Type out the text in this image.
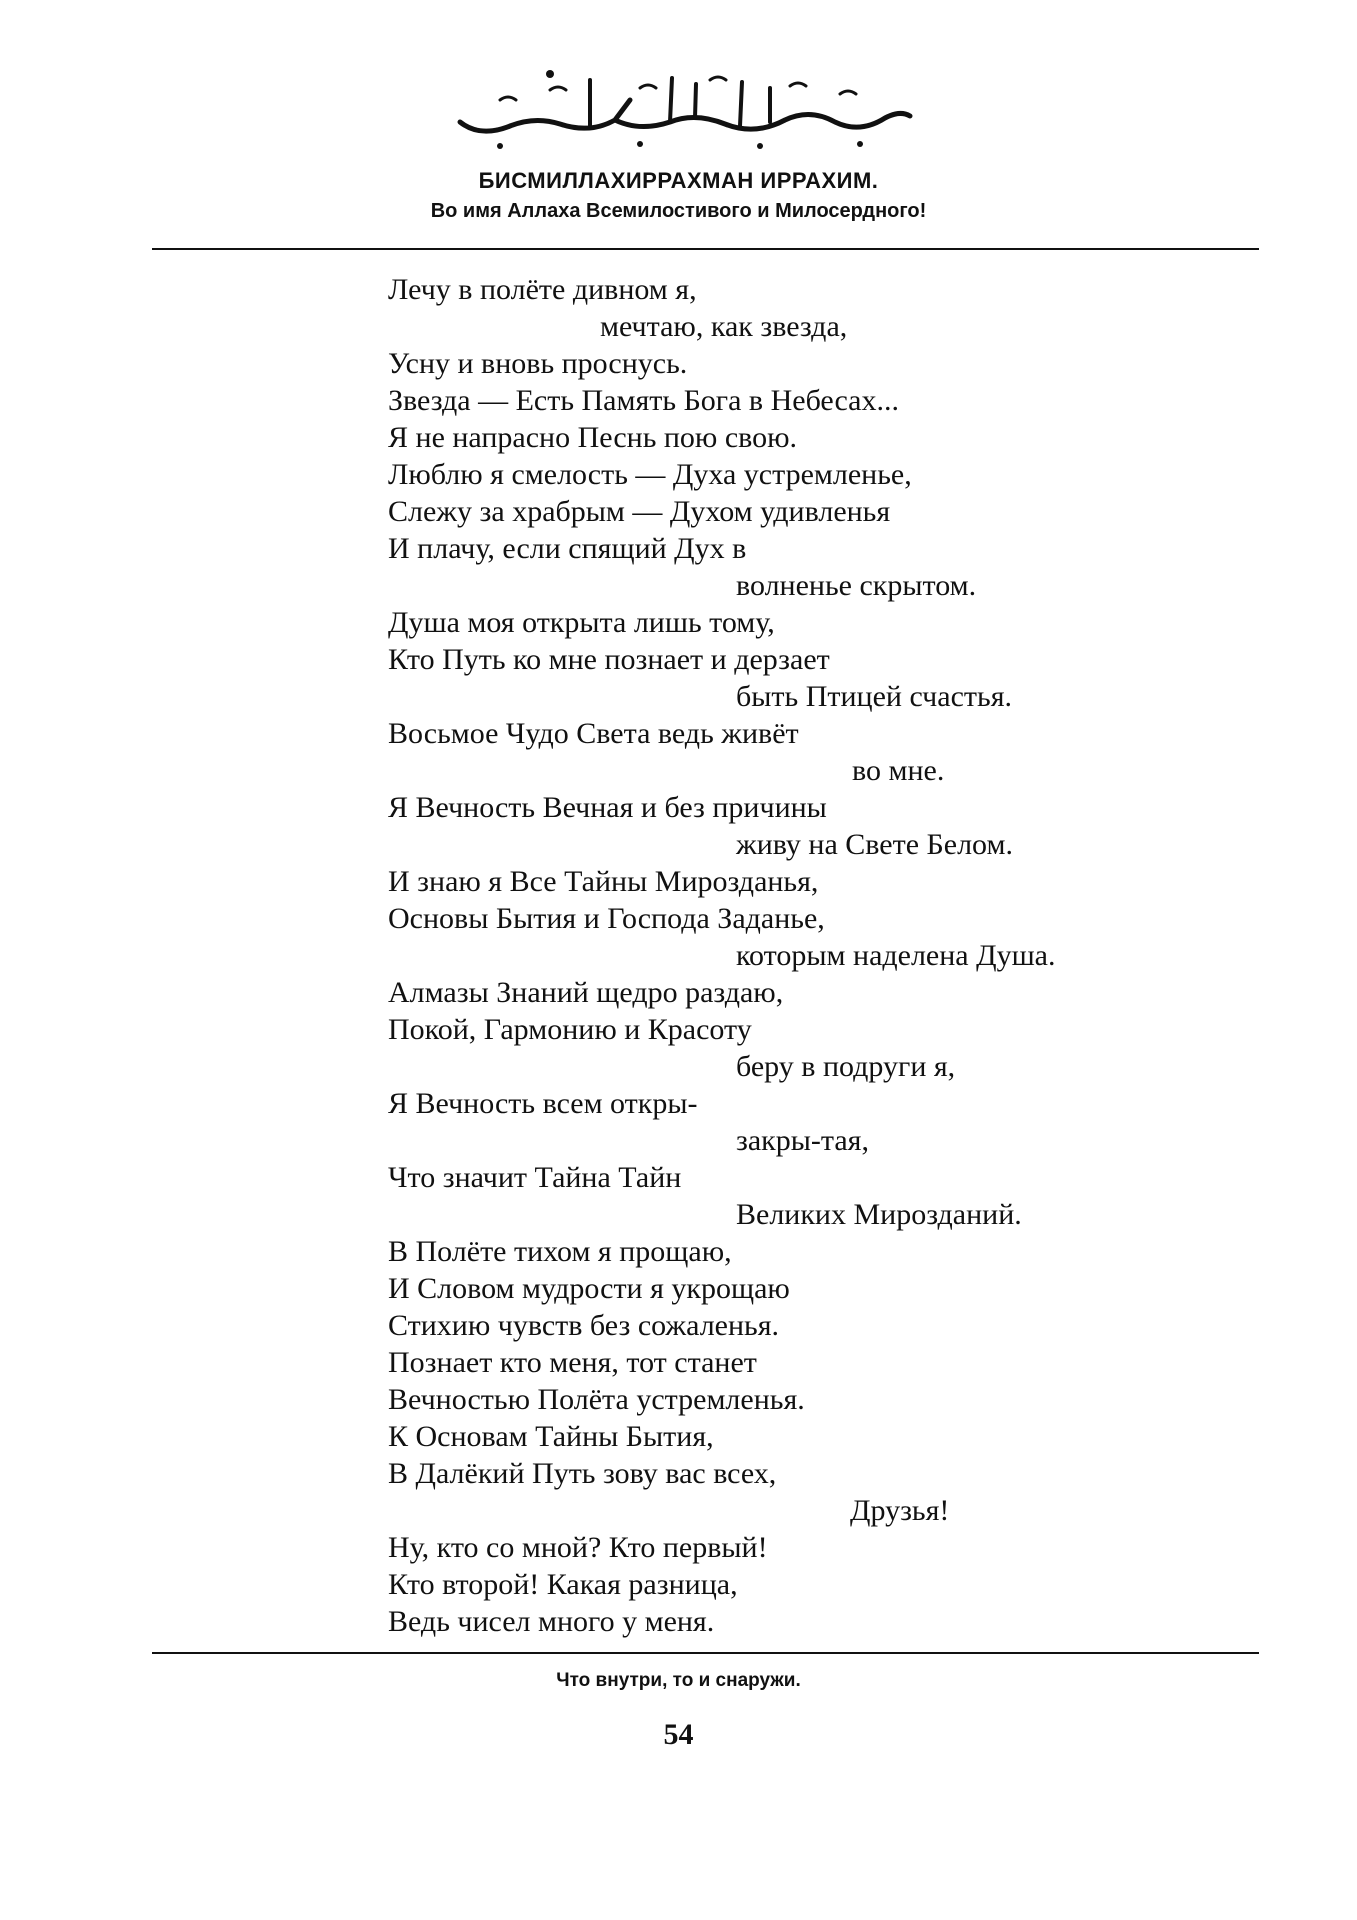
БИСМИЛЛАХИРРАХМАН ИРРАХИМ.

Во имя Аллаха Всемилостивого и Милосердного!

Лечу в полёте дивном я,
мечтаю, как звезда,
Усну и вновь проснусь.
Звезда — Есть Память Бога в Небесах...
Я не напрасно Песнь пою свою.
Люблю я смелость — Духа устремленье,
Слежу за храбрым — Духом удивленья
И плачу, если спящий Дух в
волненье скрытом.
Душа моя открыта лишь тому,
Кто Путь ко мне познает и дерзает
быть Птицей счастья.
Восьмое Чудо Света ведь живёт
во мне.
Я Вечность Вечная и без причины
живу на Свете Белом.
И знаю я Все Тайны Мирозданья,
Основы Бытия и Господа Заданье,
которым наделена Душа.
Алмазы Знаний щедро раздаю,
Покой, Гармонию и Красоту
беру в подруги я,
Я Вечность всем откры-
закры-тая,
Что значит Тайна Тайн
Великих Мирозданий.
В Полёте тихом я прощаю,
И Словом мудрости я укрощаю
Стихию чувств без сожаленья.
Познает кто меня, тот станет
Вечностью Полёта устремленья.
К Основам Тайны Бытия,
В Далёкий Путь зову вас всех,
Друзья!
Ну, кто со мной? Кто первый!
Кто второй! Какая разница,
Ведь чисел много у меня.

Что внутри, то и снаружи.

54
